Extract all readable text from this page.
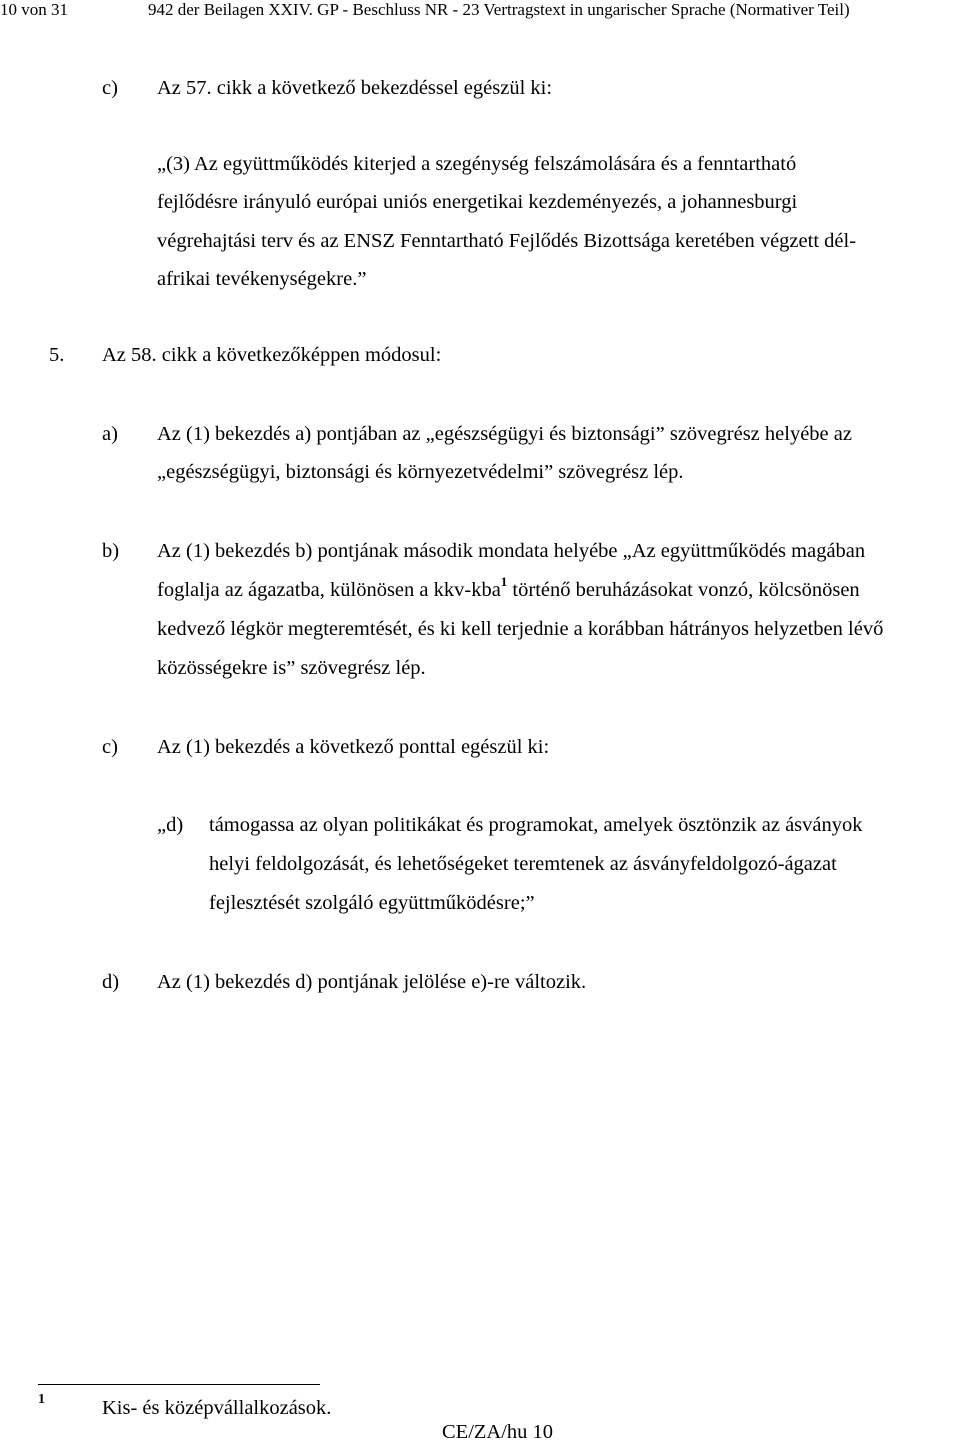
10 von 31	942 der Beilagen XXIV. GP - Beschluss NR - 23 Vertragstext in ungarischer Sprache (Normativer Teil)
c) Az 57. cikk a következő bekezdéssel egészül ki:
„(3) Az együttműködés kiterjed a szegénység felszámolására és a fenntartható
fejlődésre irányuló európai uniós energetikai kezdeményezés, a johannesburgi
végrehajtási terv és az ENSZ Fenntartható Fejlődés Bizottsága keretében végzett dél-
afrikai tevékenységekre.”
5. Az 58. cikk a következőképpen módosul:
a) Az (1) bekezdés a) pontjában az „egészségügyi és biztonsági” szövegrész helyébe az
„egészségügyi, biztonsági és környezetvédelmi” szövegrész lép.
b) Az (1) bekezdés b) pontjának második mondata helyébe „Az együttműködés magában
foglalja az ágazatba, különösen a kkv-kba$^1$ történő beruházásokat vonzó, kölcsönösen
kedvező légkör megteremtését, és ki kell terjednie a korábban hátrányos helyzetben lévő
közösségekre is” szövegrész lép.
c) Az (1) bekezdés a következő ponttal egészül ki:
„d) támogassa az olyan politikákat és programokat, amelyek ösztönzik az ásványok
helyi feldolgozását, és lehetőségeket teremtenek az ásványfeldolgozó-ágazat
fejlesztését szolgáló együttműködésre;”
d) Az (1) bekezdés d) pontjának jelölése e)-re változik.
1	Kis- és középvállalkozások.
CE/ZA/hu 10
